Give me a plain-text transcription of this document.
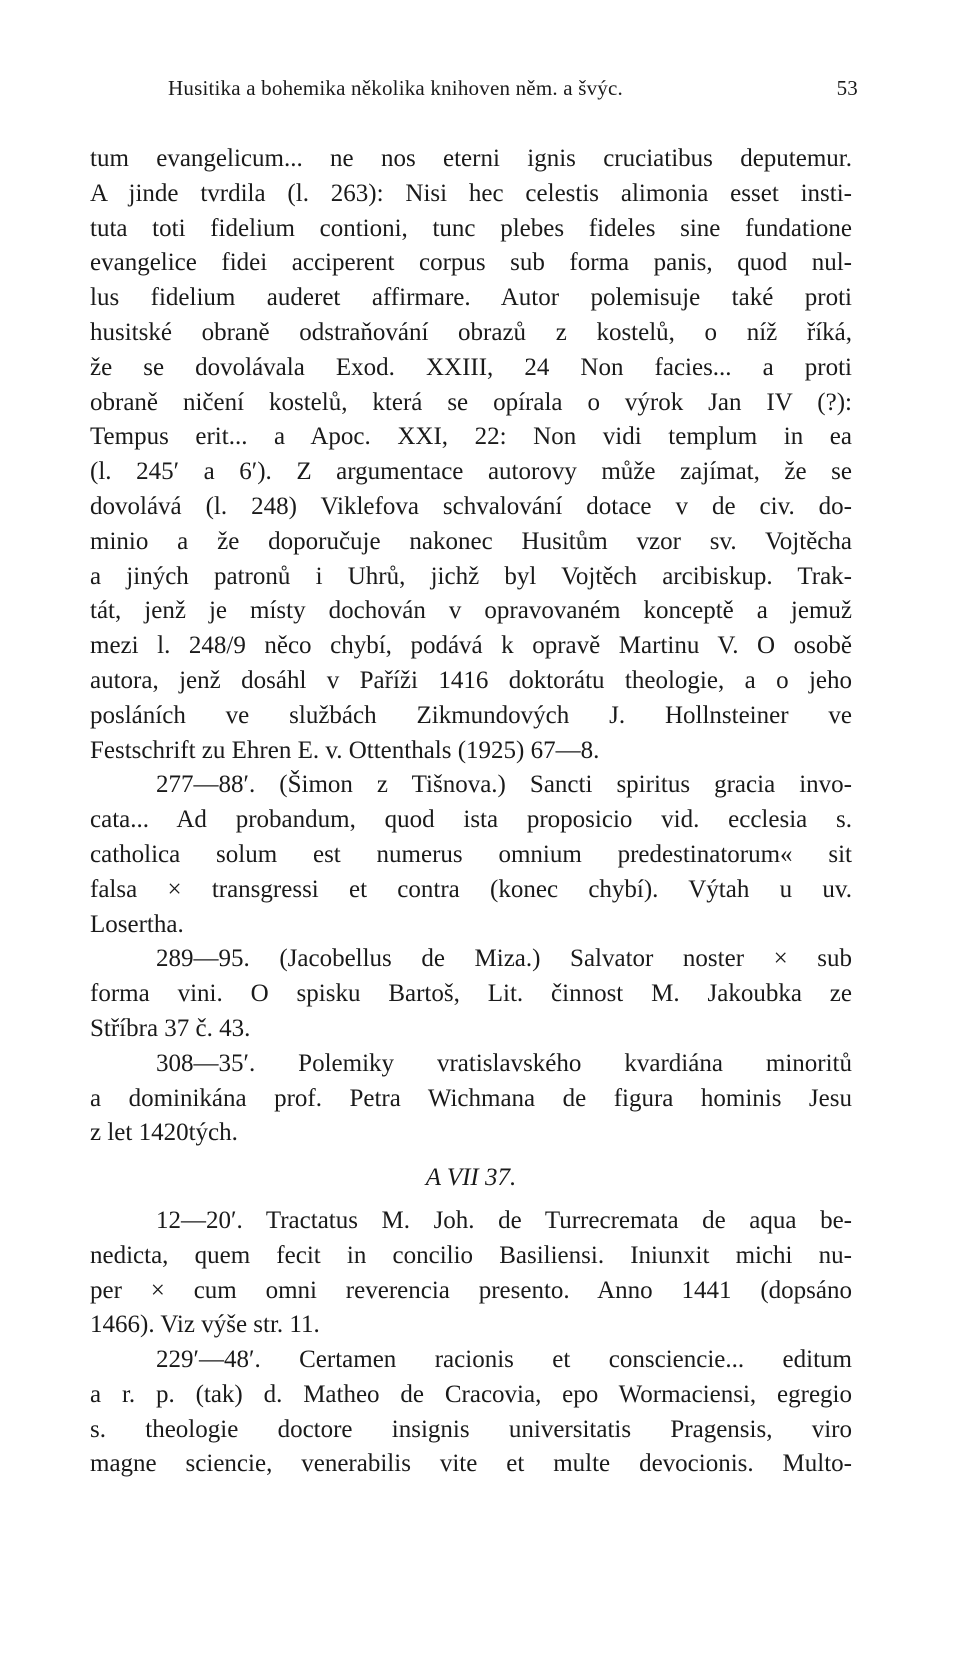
Husitika a bohemika několika knihoven něm. a švýc.	53
tum evangelicum... ne nos eterni ignis cruciatibus deputemur.
A jinde tvrdila (l. 263): Nisi hec celestis alimonia esset insti-
tuta toti fidelium contioni, tunc plebes fideles sine fundatione
evangelice fidei acciperent corpus sub forma panis, quod nul-
lus fidelium auderet affirmare. Autor polemisuje také proti
husitské obraně odstraňování obrazů z kostelů, o níž říká,
že se dovolávala Exod. XXIII, 24 Non facies... a proti
obraně ničení kostelů, která se opírala o výrok Jan IV (?):
Tempus erit... a Apoc. XXI, 22: Non vidi templum in ea
(l. 245′ a 6′). Z argumentace autorovy může zajímat, že se
dovolává (l. 248) Viklefova schvalování dotace v de civ. do-
minio a že doporučuje nakonec Husitům vzor sv. Vojtěcha
a jiných patronů i Uhrů, jichž byl Vojtěch arcibiskup. Trak-
tát, jenž je místy dochován v opravovaném konceptě a jemuž
mezi l. 248/9 něco chybí, podává k opravě Martinu V. O osobě
autora, jenž dosáhl v Paříži 1416 doktorátu theologie, a o jeho
posláních ve službách Zikmundových J. Hollnsteiner ve
Festschrift zu Ehren E. v. Ottenthals (1925) 67—8.
277—88′. (Šimon z Tišnova.) Sancti spiritus gracia invo-
cata... Ad probandum, quod ista proposicio vid. ecclesia s.
catholica solum est numerus omnium predestinatorum« sit
falsa × transgressi et contra (konec chybí). Výtah u uv.
Losertha.
289—95. (Jacobellus de Miza.) Salvator noster × sub
forma vini. O spisku Bartoš, Lit. činnost M. Jakoubka ze
Stříbra 37 č. 43.
308—35′. Polemiky vratislavského kvardiána minoritů
a dominikána prof. Petra Wichmana de figura hominis Jesu
z let 1420tých.
A VII 37.
12—20′. Tractatus M. Joh. de Turrecremata de aqua be-
nedicta, quem fecit in concilio Basiliensi. Iniunxit michi nu-
per × cum omni reverencia presento. Anno 1441 (dopsáno
1466). Viz výše str. 11.
229′—48′. Certamen racionis et consciencie... editum
a r. p. (tak) d. Matheo de Cracovia, epo Wormaciensi, egregio
s. theologie doctore insignis universitatis Pragensis, viro
magne sciencie, venerabilis vite et multe devocionis. Multo-
